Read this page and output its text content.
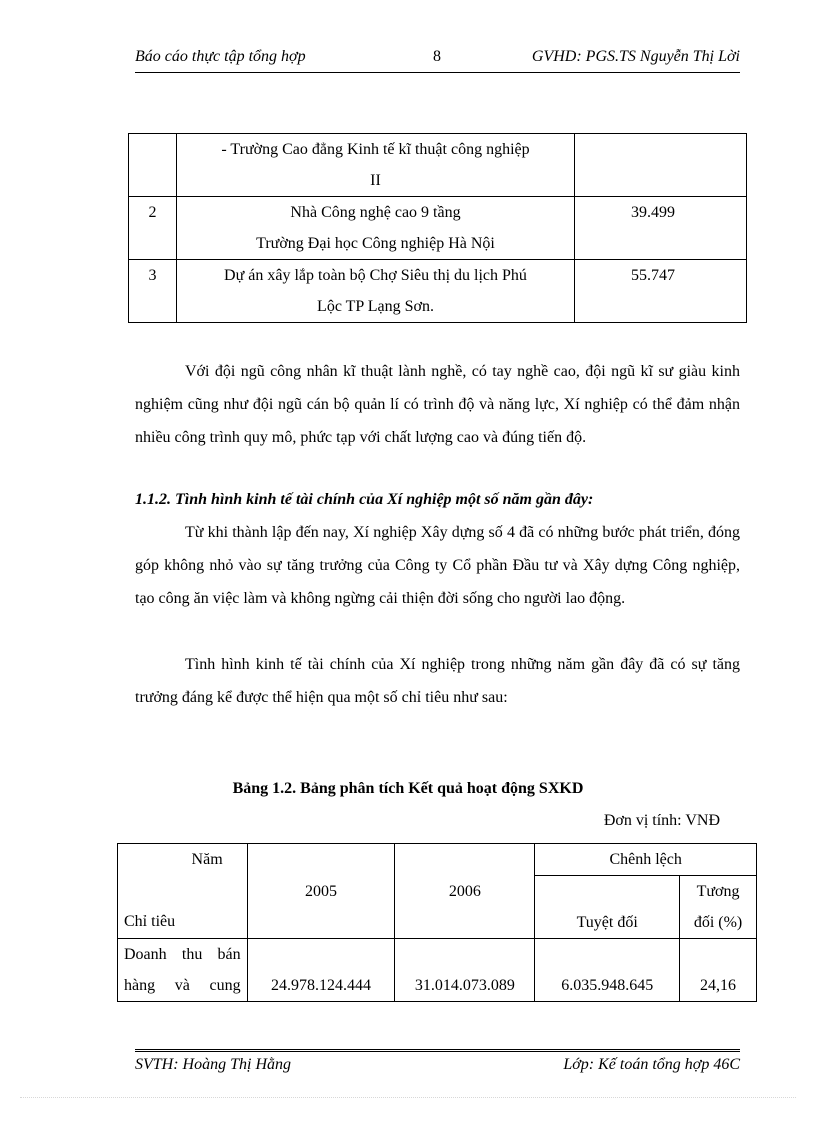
Báo cáo thực tập tổng hợp	8	GVHD: PGS.TS Nguyễn Thị Lời

	- Trường Cao đẳng Kinh tế kĩ thuật công nghiệp
II	

2	Nhà Công nghệ cao 9 tầng
Trường Đại học Công nghiệp Hà Nội	39.499
3	Dự án xây lắp toàn bộ Chợ Siêu thị du lịch Phú
Lộc TP Lạng Sơn.	55.747

Với đội ngũ công nhân kĩ thuật lành nghề, có tay nghề cao, đội ngũ kĩ sư giàu kinh nghiệm cũng như đội ngũ cán bộ quản lí có trình độ và năng lực, Xí nghiệp có thể đảm nhận nhiều công trình quy mô, phức tạp với chất lượng cao và đúng tiến độ.

1.1.2. Tình hình kinh tế tài chính của Xí nghiệp một số năm gần đây:

Từ khi thành lập đến nay, Xí nghiệp Xây dựng số 4 đã có những bước phát triển, đóng góp không nhỏ vào sự tăng trưởng của Công ty Cổ phần Đầu tư và Xây dựng Công nghiệp, tạo công ăn việc làm và không ngừng cải thiện đời sống cho người lao động.

Tình hình kinh tế tài chính của Xí nghiệp trong những năm gần đây đã có sự tăng trưởng đáng kể được thể hiện qua một số chỉ tiêu như sau:

Bảng 1.2. Bảng phân tích Kết quả hoạt động SXKD
Đơn vị tính: VNĐ
Năm

Chỉ tiêu	2005	2006	Chênh lệch	
			Tuyệt đối	Tương
đối (%)

Doanh thu bán
hàng và cung	24.978.124.444	31.014.073.089	6.035.948.645	24,16
SVTH: Hoàng Thị Hằng	Lớp: Kế toán tổng hợp 46C
